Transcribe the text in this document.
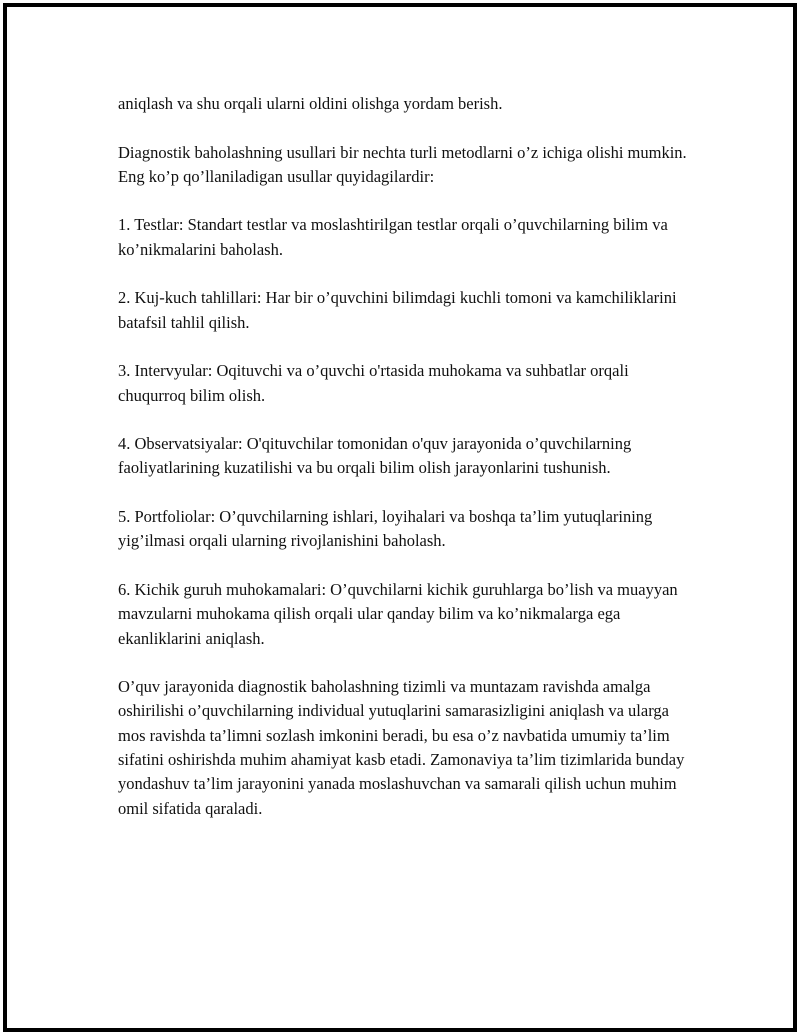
aniqlash va shu orqali ularni oldini olishga yordam berish.

Diagnostik baholashning usullari bir nechta turli metodlarni o’z ichiga olishi mumkin. Eng ko’p qo’llaniladigan usullar quyidagilardir:

1. Testlar: Standart testlar va moslashtirilgan testlar orqali o’quvchilarning bilim va ko’nikmalarini baholash.

2. Kuj-kuch tahlillari: Har bir o’quvchini bilimdagi kuchli tomoni va kamchiliklarini batafsil tahlil qilish.

3. Intervyular: Oqituvchi va o’quvchi o'rtasida muhokama va suhbatlar orqali chuqurroq bilim olish.

4. Observatsiyalar: O'qituvchilar tomonidan o'quv jarayonida o’quvchilarning faoliyatlarining kuzatilishi va bu orqali bilim olish jarayonlarini tushunish.

5. Portfoliolar: O’quvchilarning ishlari, loyihalari va boshqa ta’lim yutuqlarining yig’ilmasi orqali ularning rivojlanishini baholash.

6. Kichik guruh muhokamalari: O’quvchilarni kichik guruhlarga bo’lish va muayyan mavzularni muhokama qilish orqali ular qanday bilim va ko’nikmalarga ega ekanliklarini aniqlash.

O’quv jarayonida diagnostik baholashning tizimli va muntazam ravishda amalga oshirilishi o’quvchilarning individual yutuqlarini samarasizligini aniqlash va ularga mos ravishda ta’limni sozlash imkonini beradi, bu esa o’z navbatida umumiy ta’lim sifatini oshirishda muhim ahamiyat kasb etadi. Zamonaviya ta’lim tizimlarida bunday yondashuv ta’lim jarayonini yanada moslashuvchan va samarali qilish uchun muhim omil sifatida qaraladi.
